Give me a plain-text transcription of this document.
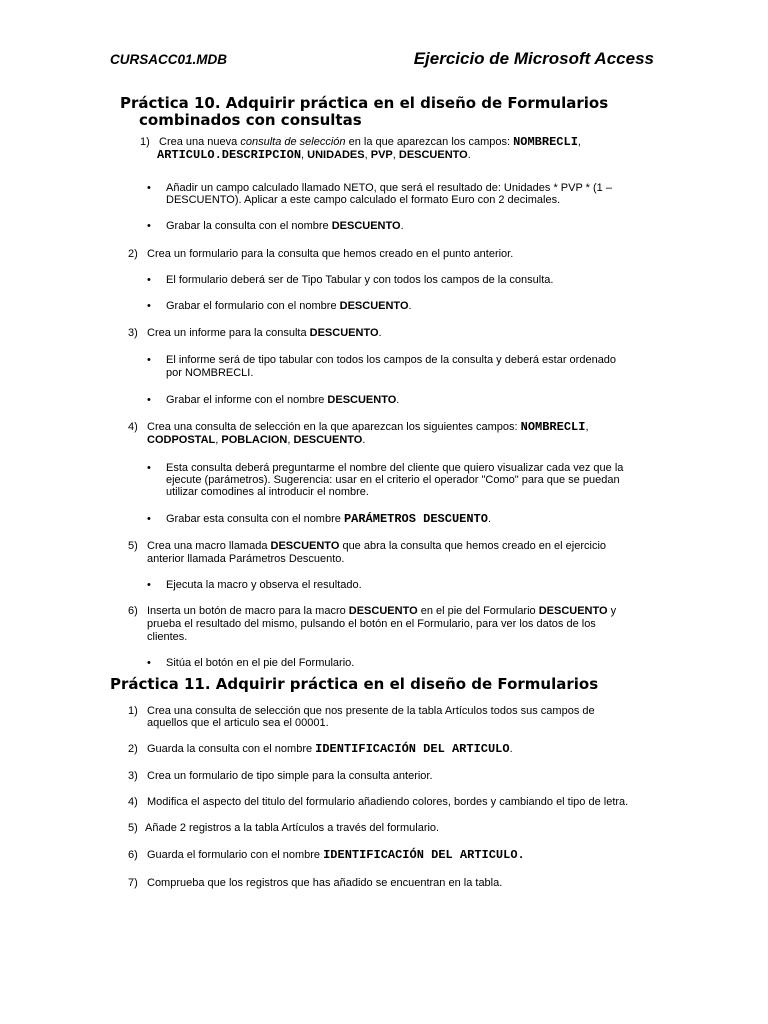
CURSACC01.MDB	Ejercicio de Microsoft Access
Práctica 10. Adquirir práctica en el diseño de Formularios
combinados con consultas
1) Crea una nueva consulta de selección en la que aparezcan los campos: NOMBRECLI,
ARTICULO.DESCRIPCION, UNIDADES, PVP, DESCUENTO.
• Añadir un campo calculado llamado NETO, que será el resultado de: Unidades * PVP * (1 –
DESCUENTO). Aplicar a este campo calculado el formato Euro con 2 decimales.
• Grabar la consulta con el nombre DESCUENTO.
2) Crea un formulario para la consulta que hemos creado en el punto anterior.
• El formulario deberá ser de Tipo Tabular y con todos los campos de la consulta.
• Grabar el formulario con el nombre DESCUENTO.
3) Crea un informe para la consulta DESCUENTO.
• El informe será de tipo tabular con todos los campos de la consulta y deberá estar ordenado
por NOMBRECLI.
• Grabar el informe con el nombre DESCUENTO.
4) Crea una consulta de selección en la que aparezcan los siguientes campos: NOMBRECLI,
CODPOSTAL, POBLACION, DESCUENTO.
• Esta consulta deberá preguntarme el nombre del cliente que quiero visualizar cada vez que la
ejecute (parámetros). Sugerencia: usar en el criterio el operador "Como" para que se puedan
utilizar comodines al introducir el nombre.
• Grabar esta consulta con el nombre PARÁMETROS DESCUENTO.
5) Crea una macro llamada DESCUENTO que abra la consulta que hemos creado en el ejercicio
anterior llamada Parámetros Descuento.
• Ejecuta la macro y observa el resultado.
6) Inserta un botón de macro para la macro DESCUENTO en el pie del Formulario DESCUENTO y
prueba el resultado del mismo, pulsando el botón en el Formulario, para ver los datos de los
clientes.
• Sitúa el botón en el pie del Formulario.
Práctica 11. Adquirir práctica en el diseño de Formularios
1) Crea una consulta de selección que nos presente de la tabla Artículos todos sus campos de
aquellos que el articulo sea el 00001.
2) Guarda la consulta con el nombre IDENTIFICACIÓN DEL ARTICULO.
3) Crea un formulario de tipo simple para la consulta anterior.
4) Modifica el aspecto del titulo del formulario añadiendo colores, bordes y cambiando el tipo de letra.
5) Añade 2 registros a la tabla Artículos a través del formulario.
6) Guarda el formulario con el nombre IDENTIFICACIÓN DEL ARTICULO.
7) Comprueba que los registros que has añadido se encuentran en la tabla.
